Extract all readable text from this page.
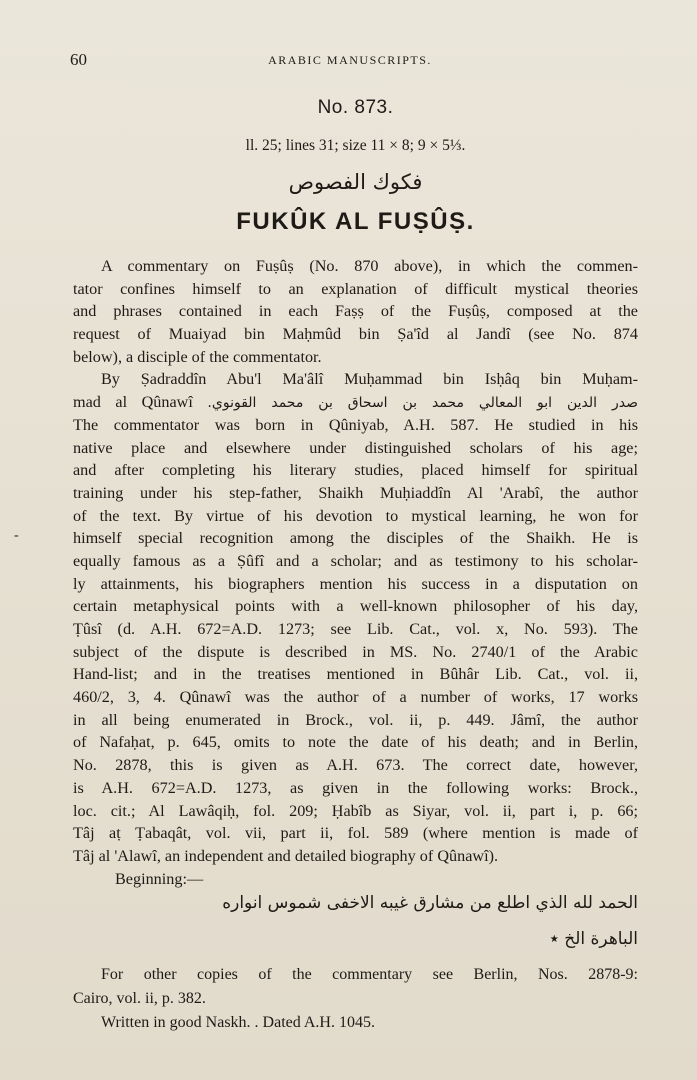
60	ARABIC MANUSCRIPTS.
No. 873.
ll. 25; lines 31; size 11 × 8; 9 × 5⅓.
فكوك الفصوص
FUKÛK AL FUṢÛṢ.
-
A commentary on Fuṣûṣ (No. 870 above), in which the commen-
tator confines himself to an explanation of difficult mystical theories
and phrases contained in each Faṣṣ of the Fuṣûṣ, composed at the
request of Muaiyad bin Maḥmûd bin Ṣa'îd al Jandî (see No. 874
below), a disciple of the commentator.
By Ṣadraddîn Abu'l Ma'âlî Muḥammad bin Isḥâq bin Muḥam-
mad al Qûnawî صدر الدين ابو المعالي محمد بن اسحاق بن محمد القونوي.
The commentator was born in Qûniyab, A.H. 587. He studied in his
native place and elsewhere under distinguished scholars of his age;
and after completing his literary studies, placed himself for spiritual
training under his step-father, Shaikh Muḥiaddîn Al 'Arabî, the author
of the text. By virtue of his devotion to mystical learning, he won for
himself special recognition among the disciples of the Shaikh. He is
equally famous as a Ṣûfî and a scholar; and as testimony to his scholar-
ly attainments, his biographers mention his success in a disputation on
certain metaphysical points with a well-known philosopher of his day,
Ṭûsî (d. A.H. 672=A.D. 1273; see Lib. Cat., vol. x, No. 593). The
subject of the dispute is described in MS. No. 2740/1 of the Arabic
Hand-list; and in the treatises mentioned in Bûhâr Lib. Cat., vol. ii,
460/2, 3, 4. Qûnawî was the author of a number of works, 17 works
in all being enumerated in Brock., vol. ii, p. 449. Jâmî, the author
of Nafaḥat, p. 645, omits to note the date of his death; and in Berlin,
No. 2878, this is given as A.H. 673. The correct date, however,
is A.H. 672=A.D. 1273, as given in the following works: Brock.,
loc. cit.; Al Lawâqiḥ, fol. 209; Ḥabîb as Siyar, vol. ii, part i, p. 66;
Tâj aṭ Ṭabaqât, vol. vii, part ii, fol. 589 (where mention is made of
Tâj al 'Alawî, an independent and detailed biography of Qûnawî).
Beginning:—
الحمد لله الذي اطلع من مشارق غيبه الاخفى شموس انواره
الباهرة الخ ٭
For other copies of the commentary see Berlin, Nos. 2878-9:
Cairo, vol. ii, p. 382.
Written in good Naskh. . Dated A.H. 1045.
